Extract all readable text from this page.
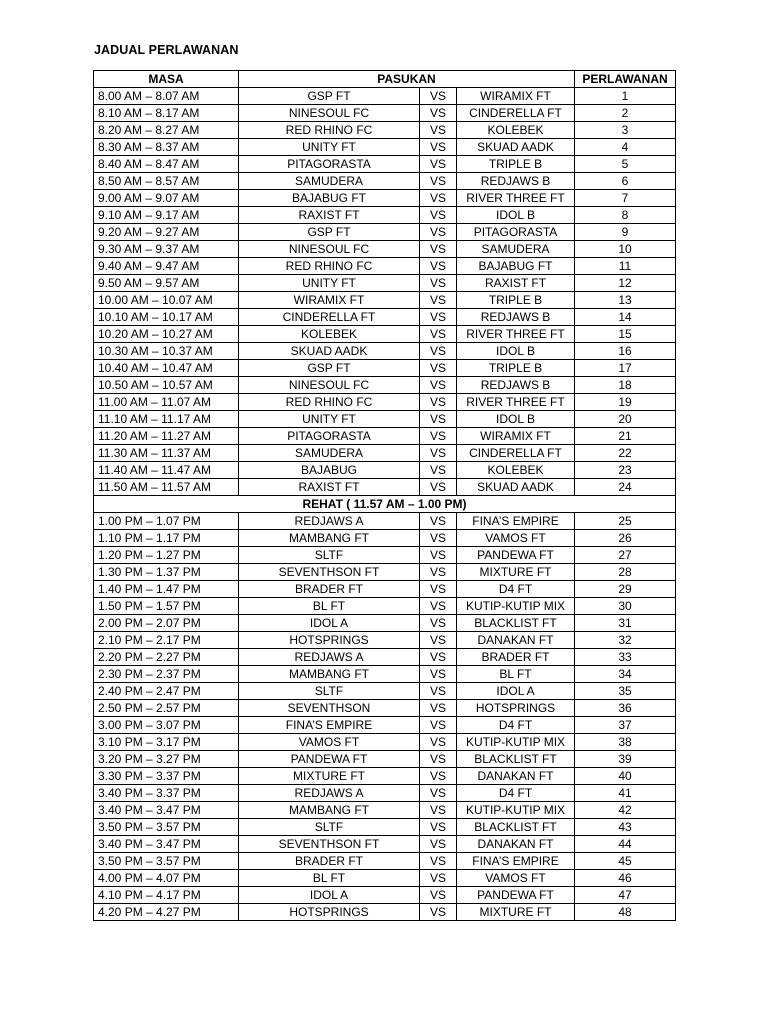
JADUAL PERLAWANAN
MASA	PASUKAN			PERLAWANAN
8.00 AM – 8.07 AM	GSP FT	VS	WIRAMIX FT	1
8.10 AM – 8.17 AM	NINESOUL FC	VS	CINDERELLA FT	2
8.20 AM – 8.27 AM	RED RHINO FC	VS	KOLEBEK	3
8.30 AM – 8.37 AM	UNITY FT	VS	SKUAD AADK	4
8.40 AM – 8.47 AM	PITAGORASTA	VS	TRIPLE B	5
8.50 AM – 8.57 AM	SAMUDERA	VS	REDJAWS B	6
9.00 AM – 9.07 AM	BAJABUG FT	VS	RIVER THREE FT	7
9.10 AM – 9.17 AM	RAXIST FT	VS	IDOL B	8
9.20 AM – 9.27 AM	GSP FT	VS	PITAGORASTA	9
9.30 AM – 9.37 AM	NINESOUL FC	VS	SAMUDERA	10
9.40 AM – 9.47 AM	RED RHINO FC	VS	BAJABUG FT	11
9.50 AM – 9.57 AM	UNITY FT	VS	RAXIST FT	12
10.00 AM – 10.07 AM	WIRAMIX FT	VS	TRIPLE B	13
10.10 AM – 10.17 AM	CINDERELLA FT	VS	REDJAWS B	14
10.20 AM – 10.27 AM	KOLEBEK	VS	RIVER THREE FT	15
10.30 AM – 10.37 AM	SKUAD AADK	VS	IDOL B	16
10.40 AM – 10.47 AM	GSP FT	VS	TRIPLE B	17
10.50 AM – 10.57 AM	NINESOUL FC	VS	REDJAWS B	18
11.00 AM – 11.07 AM	RED RHINO FC	VS	RIVER THREE FT	19
11.10 AM – 11.17 AM	UNITY FT	VS	IDOL B	20
11.20 AM – 11.27 AM	PITAGORASTA	VS	WIRAMIX FT	21
11.30 AM – 11.37 AM	SAMUDERA	VS	CINDERELLA FT	22
11.40 AM – 11.47 AM	BAJABUG	VS	KOLEBEK	23
11.50 AM – 11.57 AM	RAXIST FT	VS	SKUAD AADK	24
REHAT ( 11.57 AM – 1.00 PM)				
1.00 PM – 1.07 PM	REDJAWS A	VS	FINA’S EMPIRE	25
1.10 PM – 1.17 PM	MAMBANG FT	VS	VAMOS FT	26
1.20 PM – 1.27 PM	SLTF	VS	PANDEWA FT	27
1.30 PM – 1.37 PM	SEVENTHSON FT	VS	MIXTURE FT	28
1.40 PM – 1.47 PM	BRADER FT	VS	D4 FT	29
1.50 PM – 1.57 PM	BL FT	VS	KUTIP-KUTIP MIX	30
2.00 PM – 2.07 PM	IDOL A	VS	BLACKLIST FT	31
2.10 PM – 2.17 PM	HOTSPRINGS	VS	DANAKAN FT	32
2.20 PM – 2.27 PM	REDJAWS A	VS	BRADER FT	33
2.30 PM – 2.37 PM	MAMBANG FT	VS	BL FT	34
2.40 PM – 2.47 PM	SLTF	VS	IDOL A	35
2.50 PM – 2.57 PM	SEVENTHSON	VS	HOTSPRINGS	36
3.00 PM – 3.07 PM	FINA’S EMPIRE	VS	D4 FT	37
3.10 PM – 3.17 PM	VAMOS FT	VS	KUTIP-KUTIP MIX	38
3.20 PM – 3.27 PM	PANDEWA FT	VS	BLACKLIST FT	39
3.30 PM – 3.37 PM	MIXTURE FT	VS	DANAKAN FT	40
3.40 PM – 3.37 PM	REDJAWS A	VS	D4 FT	41
3.40 PM – 3.47 PM	MAMBANG FT	VS	KUTIP-KUTIP MIX	42
3.50 PM – 3.57 PM	SLTF	VS	BLACKLIST FT	43
3.40 PM – 3.47 PM	SEVENTHSON FT	VS	DANAKAN FT	44
3.50 PM – 3.57 PM	BRADER FT	VS	FINA’S EMPIRE	45
4.00 PM – 4.07 PM	BL FT	VS	VAMOS FT	46
4.10 PM – 4.17 PM	IDOL A	VS	PANDEWA FT	47
4.20 PM – 4.27 PM	HOTSPRINGS	VS	MIXTURE FT	48
